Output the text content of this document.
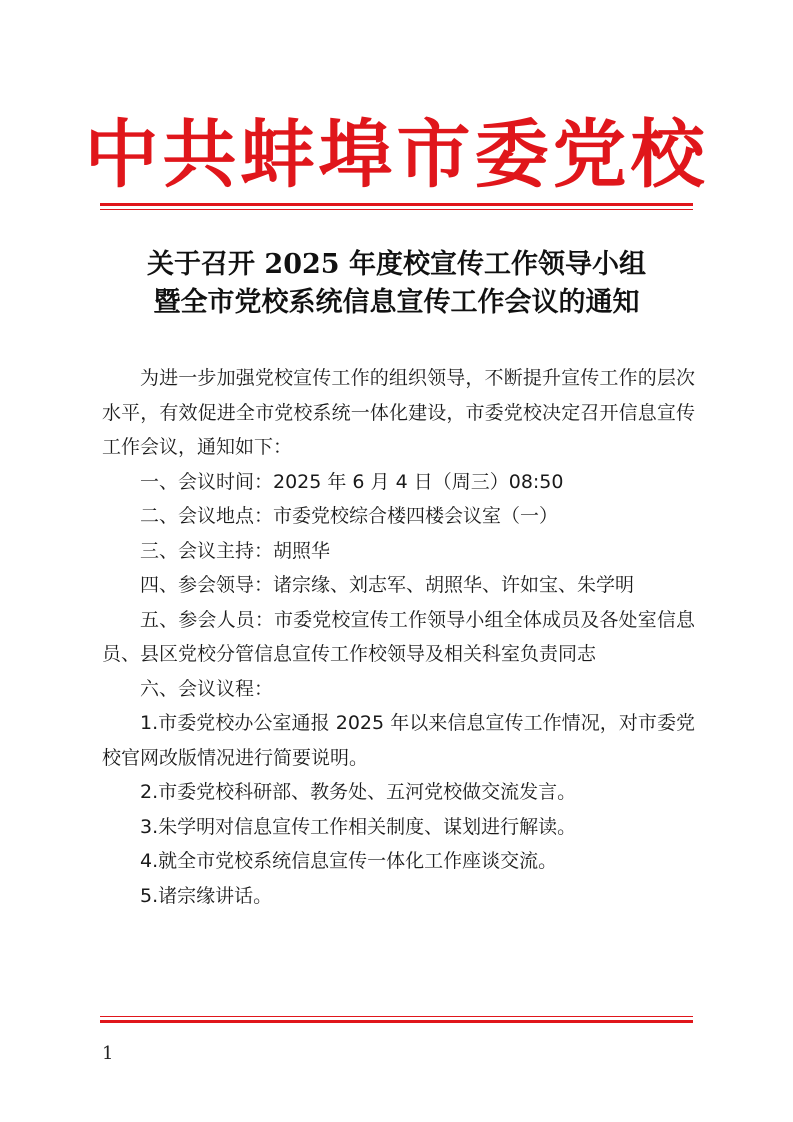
中共蚌埠市委党校
关于召开 2025 年度校宣传工作领导小组
暨全市党校系统信息宣传工作会议的通知

为进一步加强党校宣传工作的组织领导，不断提升宣传工作的层次水平，有效促进全市党校系统一体化建设，市委党校决定召开信息宣传工作会议，通知如下：

一、会议时间：2025 年 6 月 4 日（周三）08:50

二、会议地点：市委党校综合楼四楼会议室（一）

三、会议主持：胡照华

四、参会领导：诸宗缘、刘志军、胡照华、许如宝、朱学明

五、参会人员：市委党校宣传工作领导小组全体成员及各处室信息员、县区党校分管信息宣传工作校领导及相关科室负责同志

六、会议议程：

1.市委党校办公室通报 2025 年以来信息宣传工作情况，对市委党校官网改版情况进行简要说明。

2.市委党校科研部、教务处、五河党校做交流发言。

3.朱学明对信息宣传工作相关制度、谋划进行解读。

4.就全市党校系统信息宣传一体化工作座谈交流。

5.诸宗缘讲话。

1
